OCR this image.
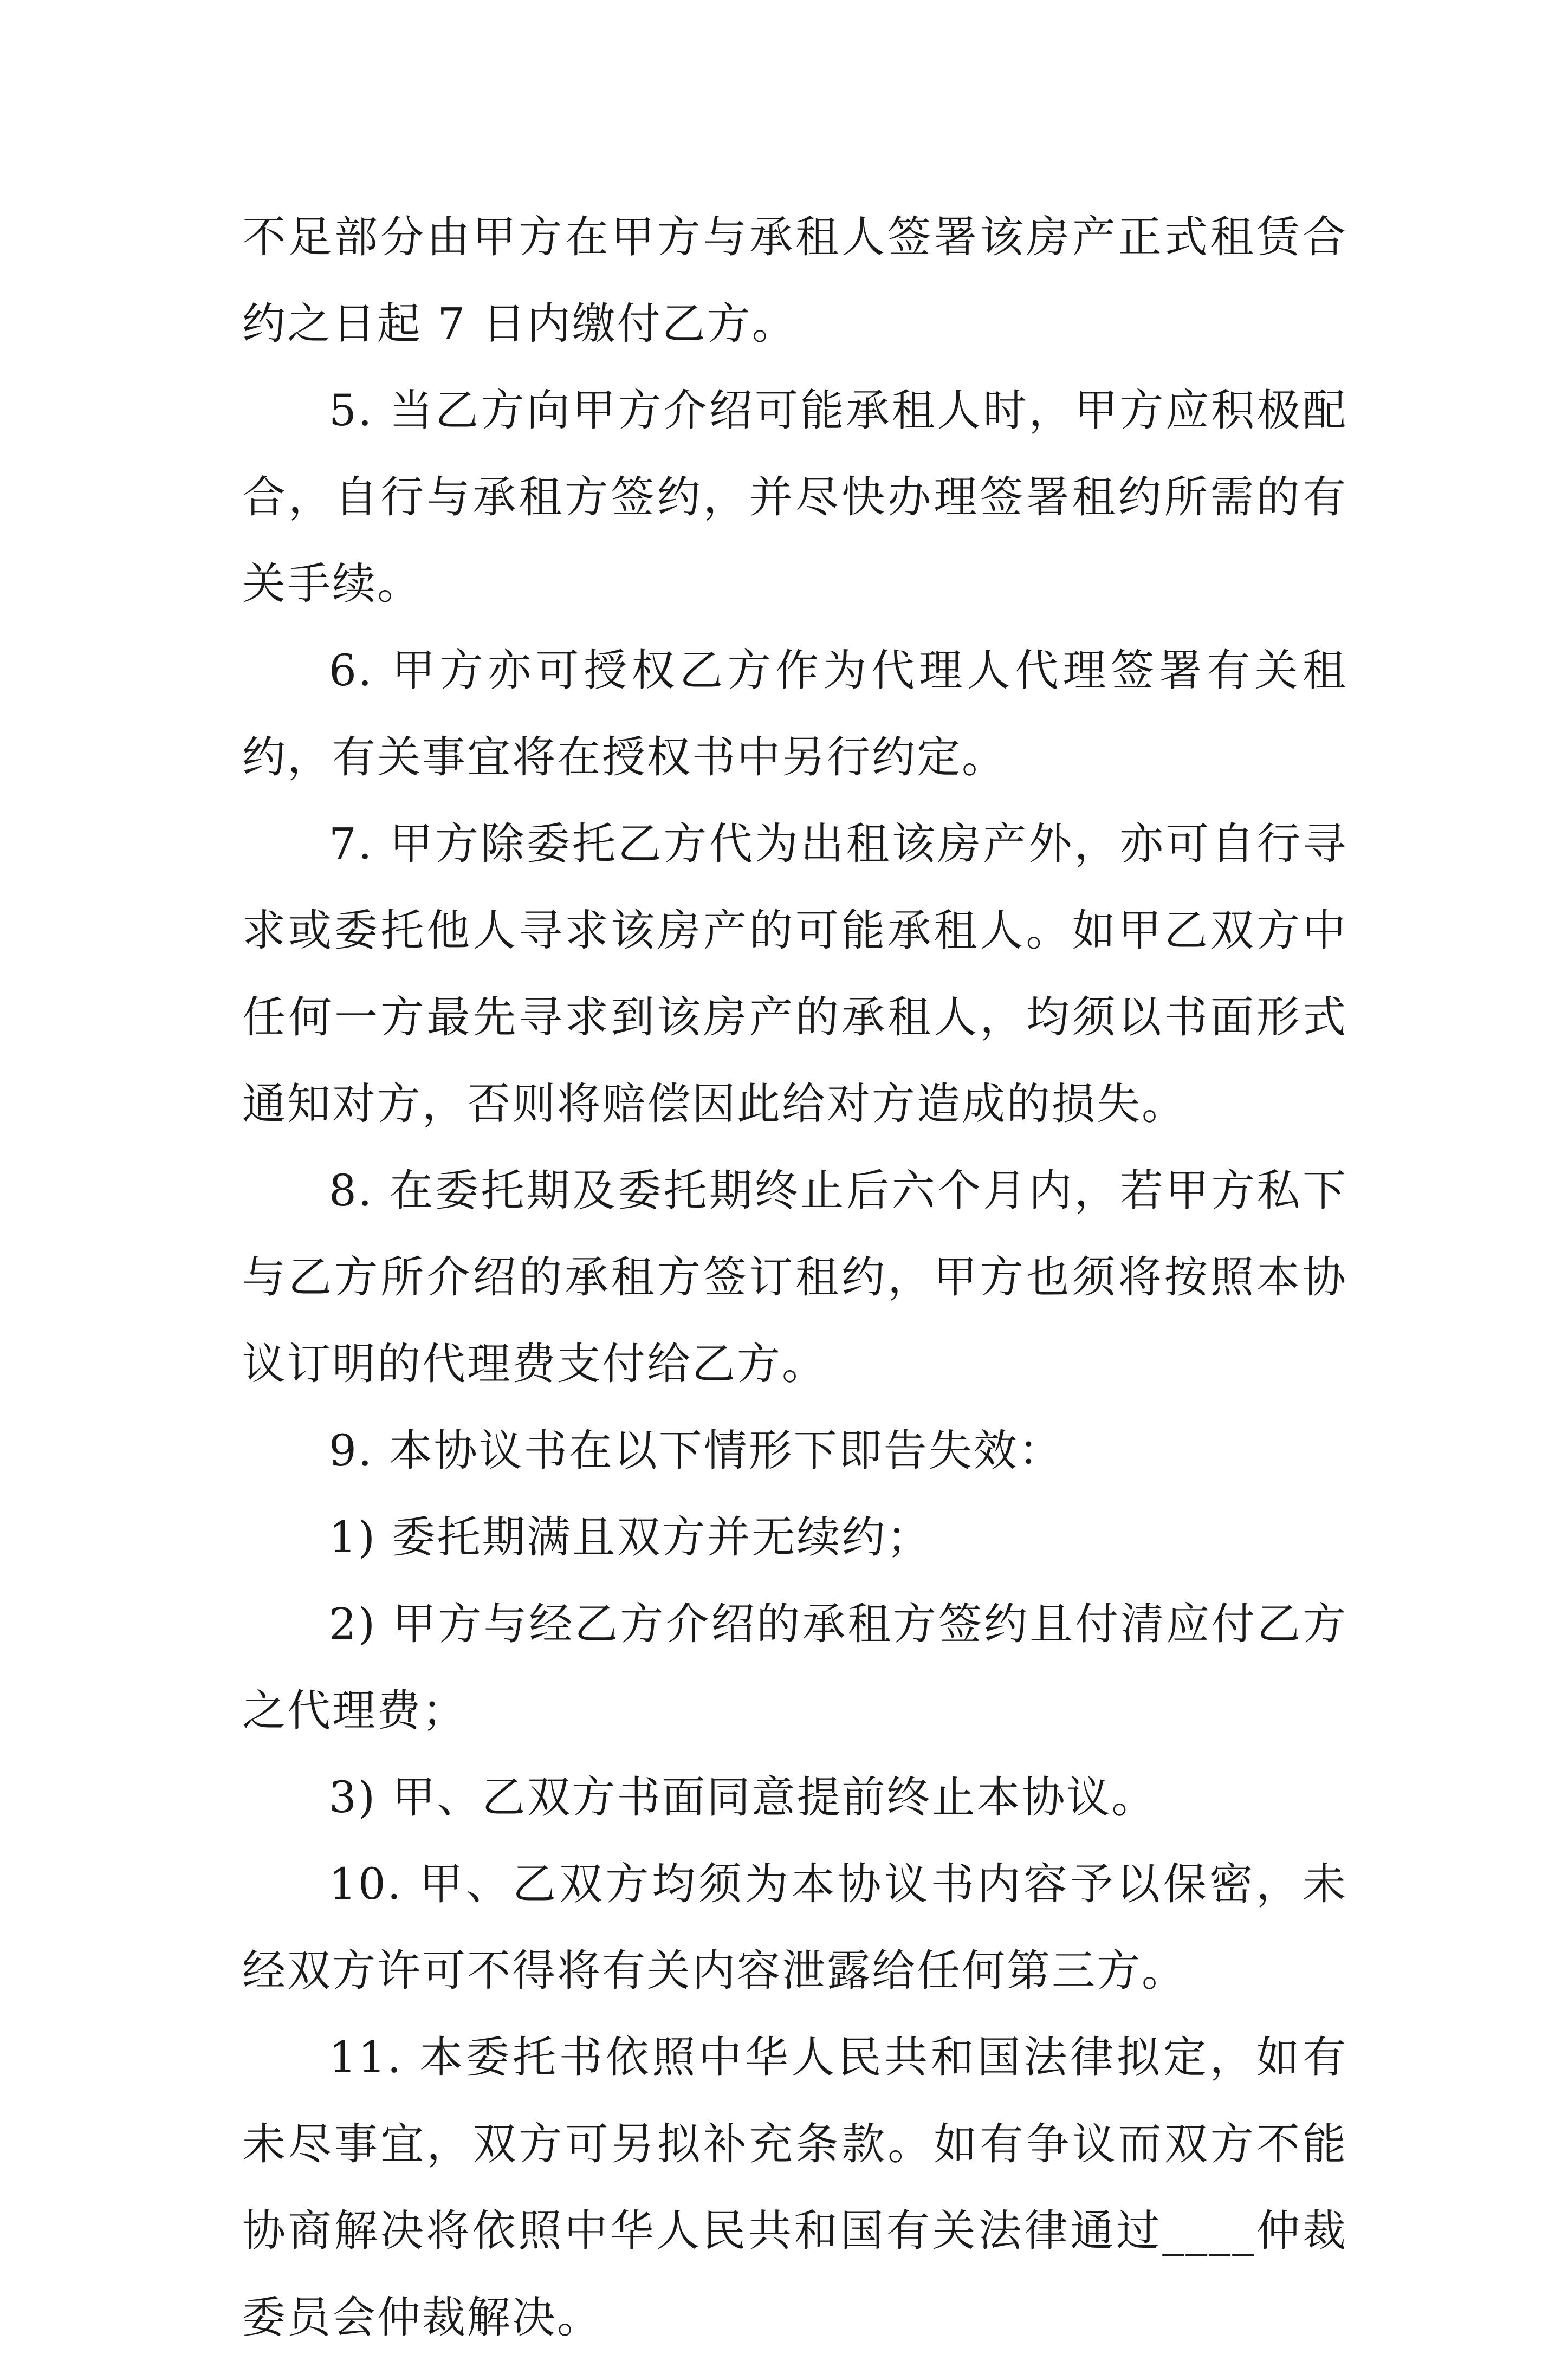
不足部分由甲方在甲方与承租人签署该房产正式租赁合约之日起 7 日内缴付乙方。

5. 当乙方向甲方介绍可能承租人时，甲方应积极配合，自行与承租方签约，并尽快办理签署租约所需的有关手续。

6. 甲方亦可授权乙方作为代理人代理签署有关租约，有关事宜将在授权书中另行约定。

7. 甲方除委托乙方代为出租该房产外，亦可自行寻求或委托他人寻求该房产的可能承租人。如甲乙双方中任何一方最先寻求到该房产的承租人，均须以书面形式通知对方，否则将赔偿因此给对方造成的损失。

8. 在委托期及委托期终止后六个月内，若甲方私下与乙方所介绍的承租方签订租约，甲方也须将按照本协议订明的代理费支付给乙方。

9. 本协议书在以下情形下即告失效：

1) 委托期满且双方并无续约；

2) 甲方与经乙方介绍的承租方签约且付清应付乙方之代理费；

3) 甲、乙双方书面同意提前终止本协议。

10. 甲、乙双方均须为本协议书内容予以保密，未经双方许可不得将有关内容泄露给任何第三方。

11. 本委托书依照中华人民共和国法律拟定，如有未尽事宜，双方可另拟补充条款。如有争议而双方不能协商解决将依照中华人民共和国有关法律通过____仲裁委员会仲裁解决。
